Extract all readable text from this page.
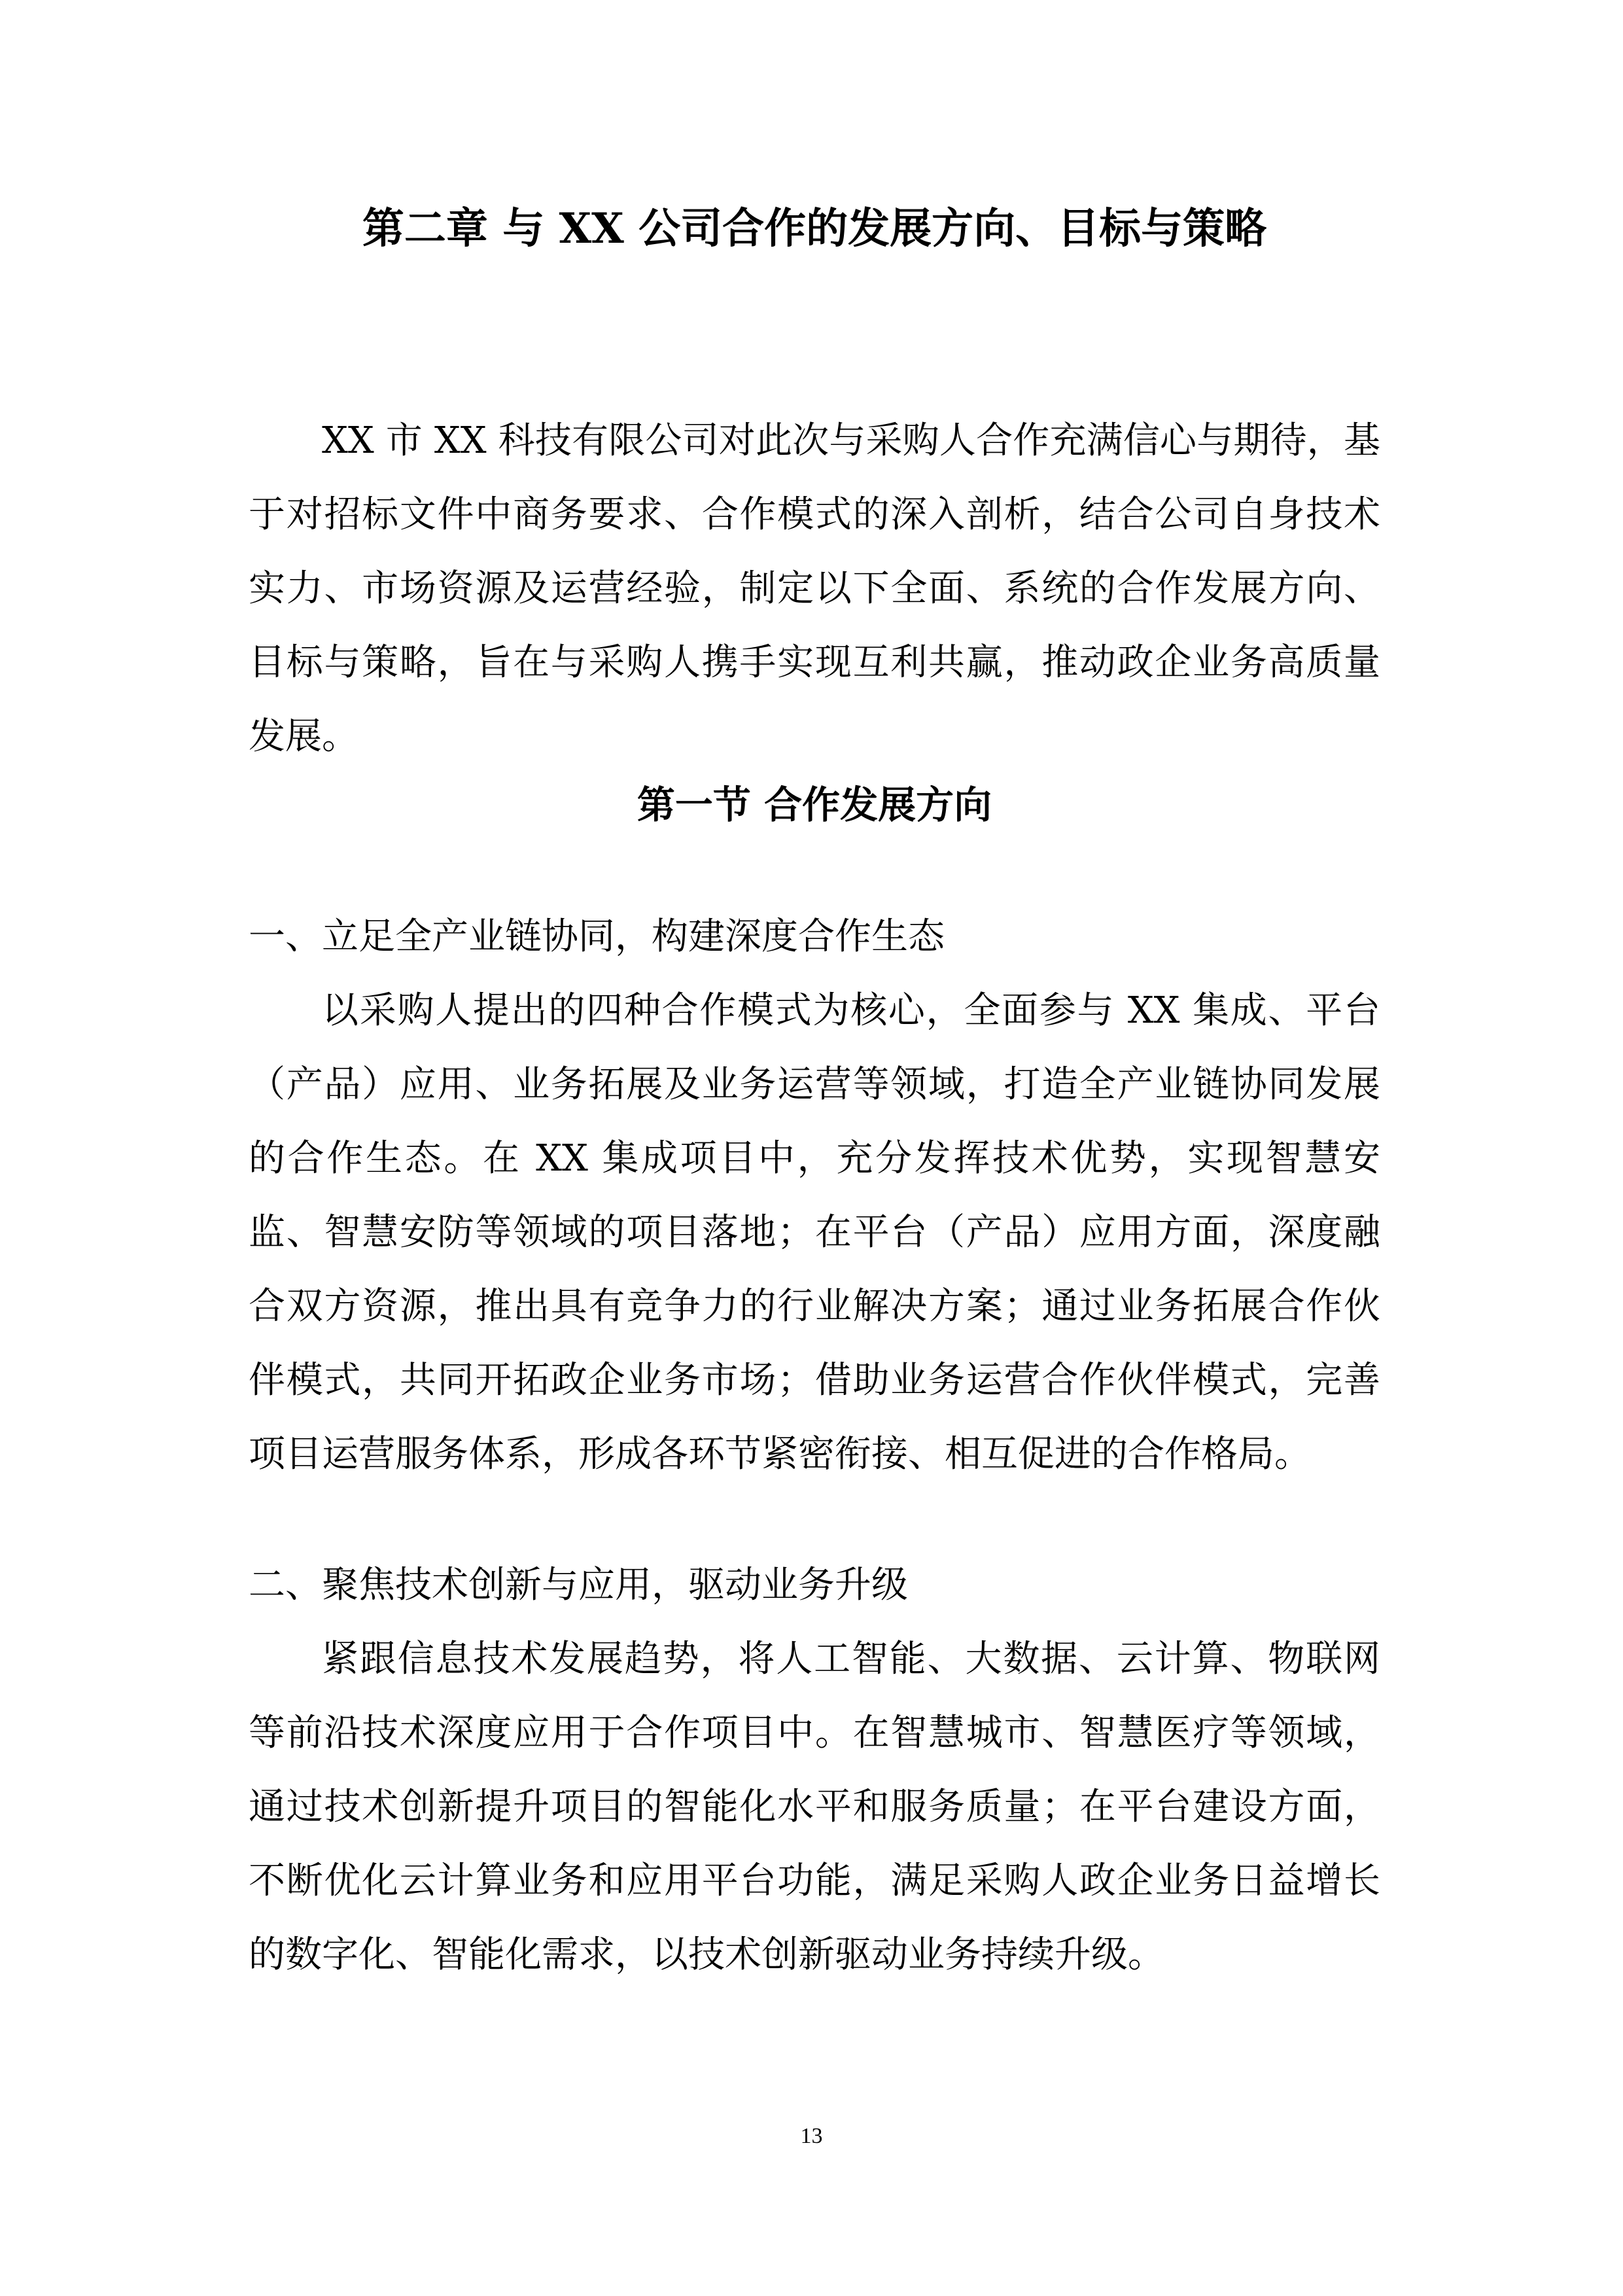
第二章 与 XX 公司合作的发展方向、目标与策略

XX 市 XX 科技有限公司对此次与采购人合作充满信心与期待，基于对招标文件中商务要求、合作模式的深入剖析，结合公司自身技术实力、市场资源及运营经验，制定以下全面、系统的合作发展方向、目标与策略，旨在与采购人携手实现互利共赢，推动政企业务高质量发展。

第一节 合作发展方向

一、立足全产业链协同，构建深度合作生态

以采购人提出的四种合作模式为核心，全面参与 XX 集成、平台（产品）应用、业务拓展及业务运营等领域，打造全产业链协同发展的合作生态。在 XX 集成项目中，充分发挥技术优势，实现智慧安监、智慧安防等领域的项目落地；在平台（产品）应用方面，深度融合双方资源，推出具有竞争力的行业解决方案；通过业务拓展合作伙伴模式，共同开拓政企业务市场；借助业务运营合作伙伴模式，完善项目运营服务体系，形成各环节紧密衔接、相互促进的合作格局。

二、聚焦技术创新与应用，驱动业务升级

紧跟信息技术发展趋势，将人工智能、大数据、云计算、物联网等前沿技术深度应用于合作项目中。在智慧城市、智慧医疗等领域，通过技术创新提升项目的智能化水平和服务质量；在平台建设方面，不断优化云计算业务和应用平台功能，满足采购人政企业务日益增长的数字化、智能化需求，以技术创新驱动业务持续升级。

13
